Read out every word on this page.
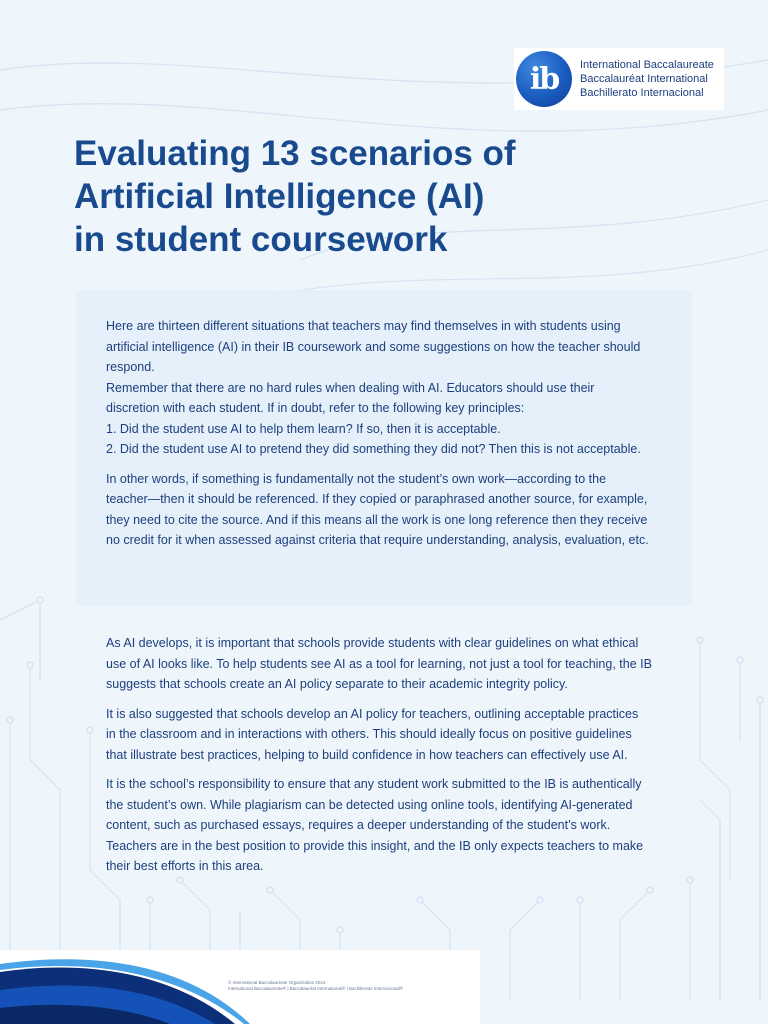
ib	International Baccalaureate
Baccalauréat International
Bachillerato Internacional
Evaluating 13 scenarios of
Artificial Intelligence (AI)
in student coursework

Here are thirteen different situations that teachers may find themselves in with students using

artificial intelligence (AI) in their IB coursework and some suggestions on how the teacher should

respond.

Remember that there are no hard rules when dealing with AI. Educators should use their

discretion with each student. If in doubt, refer to the following key principles:

1. Did the student use AI to help them learn? If so, then it is acceptable.

2. Did the student use AI to pretend they did something they did not? Then this is not acceptable.

In other words, if something is fundamentally not the student’s own work—according to the

teacher—then it should be referenced. If they copied or paraphrased another source, for example,

they need to cite the source. And if this means all the work is one long reference then they receive

no credit for it when assessed against criteria that require understanding, analysis, evaluation, etc.

As AI develops, it is important that schools provide students with clear guidelines on what ethical
use of AI looks like. To help students see AI as a tool for learning, not just a tool for teaching, the IB
suggests that schools create an AI policy separate to their academic integrity policy.

It is also suggested that schools develop an AI policy for teachers, outlining acceptable practices
in the classroom and in interactions with others. This should ideally focus on positive guidelines
that illustrate best practices, helping to build confidence in how teachers can effectively use AI.

It is the school’s responsibility to ensure that any student work submitted to the IB is authentically
the student’s own. While plagiarism can be detected using online tools, identifying AI-generated
content, such as purchased essays, requires a deeper understanding of the student’s work.
Teachers are in the best position to provide this insight, and the IB only expects teachers to make
their best efforts in this area.

© International Baccalaureate Organization 2024
International Baccalaureate® | Baccalauréat International® | Bachillerato Internacional®
